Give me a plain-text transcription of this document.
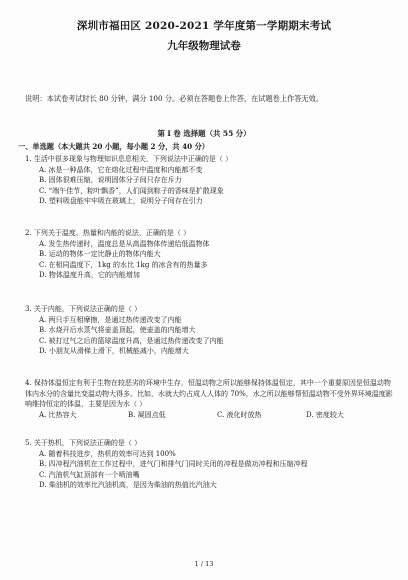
深圳市福田区 2020-2021 学年度第一学期期末考试
九年级物理试卷
说明：本试卷考试时长 80 分钟，满分 100 分。必须在答题卷上作答，在试题卷上作答无效。
第 I 卷 选择题（共 55 分）
一、单选题（本大题共 20 小题，每小题 2 分，共 40 分）
1. 生活中很多现象与物理知识息息相关，下列说法中正确的是（ ）
A. 冰是一种晶体，它在熔化过程中温度和内能都不变
B. 固体很难压缩，说明固体分子间只存在斥力
C. “端午佳节，粽叶飘香”，人们闻到粽子的香味是扩散现象
D. 塑料吸盘能牢牢吸在玻璃上，说明分子间存在引力
2. 下列关于温度、热量和内能的说法，正确的是（ ）
A. 发生热传递时，温度总是从高温物体传递给低温物体
B. 运动的物体一定比静止的物体内能大
C. 在相同温度下，1kg 的水比 1kg 的冰含有的热量多
D. 物体温度升高，它的内能增加
3. 关于内能，下列说法正确的是（ ）
A. 两只手互相摩擦，是通过热传递改变了内能
B. 水烧开后水蒸气将壶盖顶起，使壶盖的内能增大
C. 被打过气之后的篮球温度升高，是通过热传递改变了内能
D. 小朋友从滑梯上滑下，机械能减小，内能增大
4. 保持体温恒定有利于生物在较恶劣的环境中生存，恒温动物之所以能够保持体温恒定，其中一个重要原因是恒温动物体内水分的含量比变温动物大得多。比如，水就大约占成人人体的 70%，水之所以能够帮恒温动物不受外界环境温度影响维持恒定的体温，主要是因为水（ ）
A. 比热容大	B. 凝固点低	C. 液化时放热	D. 密度较大
5. 关于热机，下列说法正确的是（ ）
A. 随着科技进步，热机的效率可达到 100%
B. 四冲程汽油机在工作过程中，进气门和排气门同时关闭的冲程是做功冲程和压缩冲程
C. 汽油机气缸顶部有一个喷油嘴
D. 柴油机的效率比汽油机高，是因为柴油的热值比汽油大
1 / 13
